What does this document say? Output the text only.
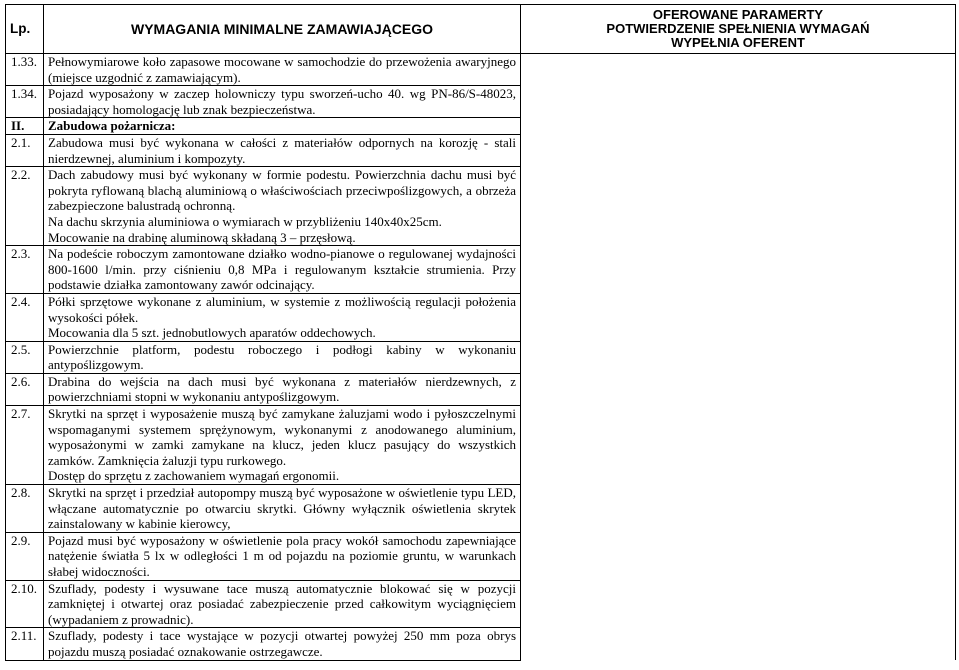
Lp.	WYMAGANIA MINIMALNE ZAMAWIAJĄCEGO	OFEROWANE PARAMERTY
POTWIERDZENIE SPEŁNIENIA WYMAGAŃ
WYPEŁNIA OFERENT

1.33.	Pełnowymiarowe koło zapasowe mocowane w samochodzie do przewożenia awaryjnego (miejsce uzgodnić z zamawiającym).	

1.34.	Pojazd wyposażony w zaczep holowniczy typu sworzeń-ucho 40. wg PN-86/S-48023, posiadający homologację lub znak bezpieczeństwa.	

II.	Zabudowa pożarnicza:	

2.1.	Zabudowa musi być wykonana w całości z materiałów odpornych na korozję - stali nierdzewnej, aluminium i kompozyty.	

2.2.	Dach zabudowy musi być wykonany w formie podestu. Powierzchnia dachu musi być pokryta ryflowaną blachą aluminiową o właściwościach przeciwpoślizgowych, a obrzeża zabezpieczone balustradą ochronną.

Na dachu skrzynia aluminiowa o wymiarach w przybliżeniu 140x40x25cm.

Mocowanie na drabinę aluminową składaną 3 – przęsłową.	

2.3.	Na podeście roboczym zamontowane działko wodno-pianowe o regulowanej wydajności 800-1600 l/min. przy ciśnieniu 0,8 MPa i regulowanym kształcie strumienia. Przy podstawie działka zamontowany zawór odcinający.	

2.4.	Półki sprzętowe wykonane z aluminium, w systemie z możliwością regulacji położenia wysokości półek.

Mocowania dla 5 szt. jednobutlowych aparatów oddechowych.	

2.5.	Powierzchnie platform, podestu roboczego i podłogi kabiny w wykonaniu antypoślizgowym.	

2.6.	Drabina do wejścia na dach musi być wykonana z materiałów nierdzewnych, z powierzchniami stopni w wykonaniu antypoślizgowym.	

2.7.	Skrytki na sprzęt i wyposażenie muszą być zamykane żaluzjami wodo i pyłoszczelnymi wspomaganymi systemem sprężynowym, wykonanymi z anodowanego aluminium, wyposażonymi w zamki zamykane na klucz, jeden klucz pasujący do wszystkich zamków. Zamknięcia żaluzji typu rurkowego.

Dostęp do sprzętu z zachowaniem wymagań ergonomii.	

2.8.	Skrytki na sprzęt i przedział autopompy muszą być wyposażone w oświetlenie typu LED, włączane automatycznie po otwarciu skrytki. Główny wyłącznik oświetlenia skrytek zainstalowany w kabinie kierowcy,	

2.9.	Pojazd musi być wyposażony w oświetlenie pola pracy wokół samochodu zapewniające natężenie światła 5 lx w odległości 1 m od pojazdu na poziomie gruntu, w warunkach słabej widoczności.	

2.10.	Szuflady, podesty i wysuwane tace muszą automatycznie blokować się w pozycji zamkniętej i otwartej oraz posiadać zabezpieczenie przed całkowitym wyciągnięciem (wypadaniem z prowadnic).	

2.11.	Szuflady, podesty i tace wystające w pozycji otwartej powyżej 250 mm poza obrys pojazdu muszą posiadać oznakowanie ostrzegawcze.	
